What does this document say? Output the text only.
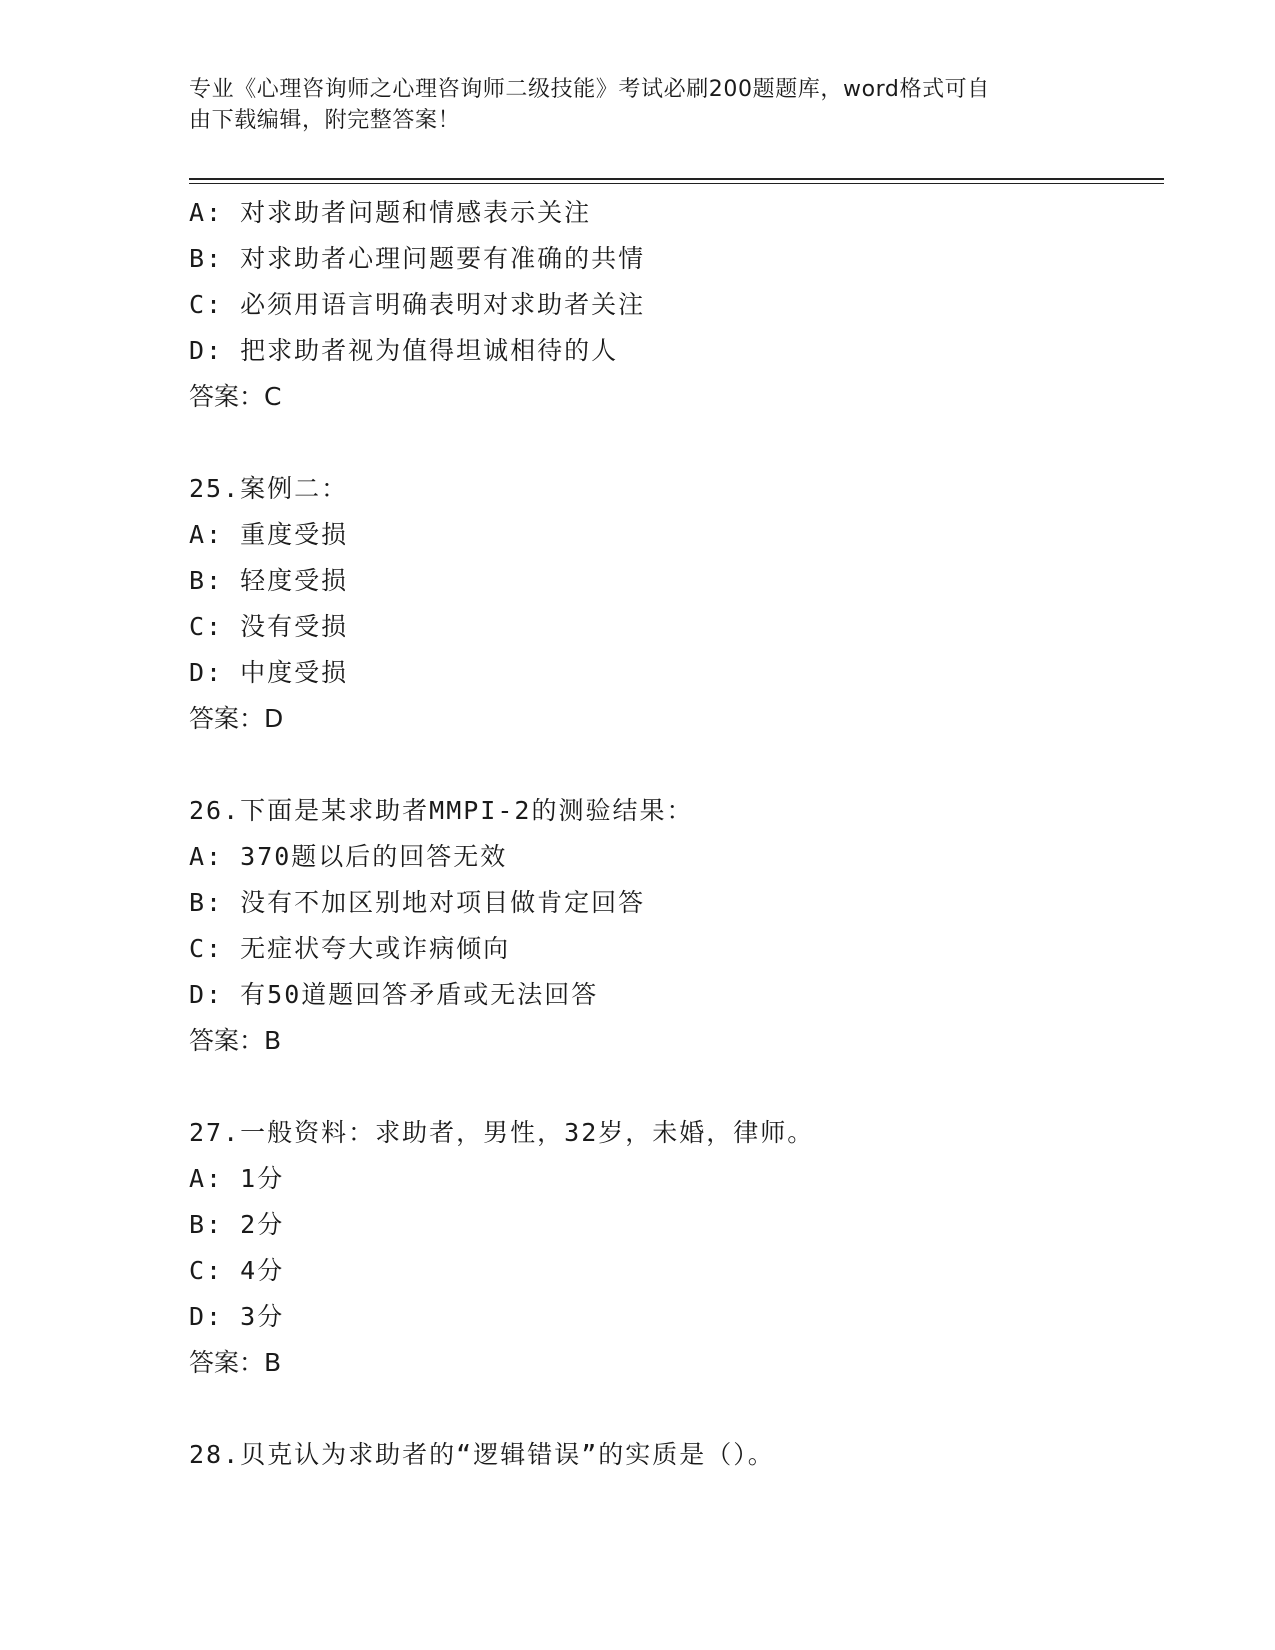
专业《心理咨询师之心理咨询师二级技能》考试必刷200题题库，word格式可自
由下载编辑，附完整答案！
A: 对求助者问题和情感表示关注
B: 对求助者心理问题要有准确的共情
C: 必须用语言明确表明对求助者关注
D: 把求助者视为值得坦诚相待的人
答案：C
25.案例二：
A: 重度受损
B: 轻度受损
C: 没有受损
D: 中度受损
答案：D
26.下面是某求助者MMPI-2的测验结果：
A: 370题以后的回答无效
B: 没有不加区别地对项目做肯定回答
C: 无症状夸大或诈病倾向
D: 有50道题回答矛盾或无法回答
答案：B
27.一般资料：求助者，男性，32岁，未婚，律师。
A: 1分
B: 2分
C: 4分
D: 3分
答案：B
28.贝克认为求助者的“逻辑错误”的实质是（）。
